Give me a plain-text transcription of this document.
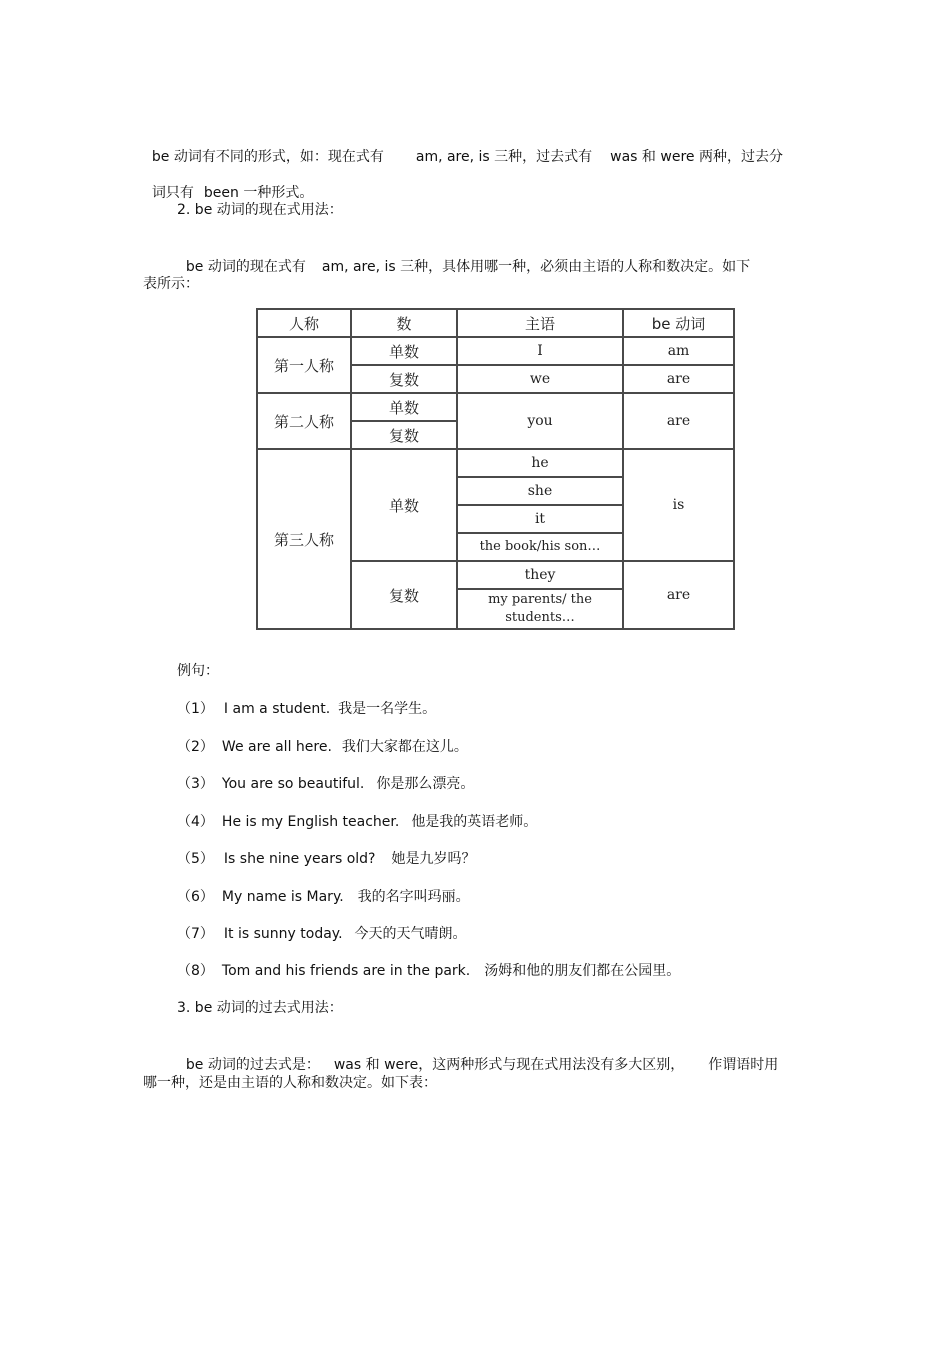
be 动词有不同的形式，如：现在式有 am, are, is 三种，过去式有 was 和 were 两种，过去分

词只有 been 一种形式。

2. be 动词的现在式用法：

be 动词的现在式有 am, are, is 三种，具体用哪一种，必须由主语的人称和数决定。如下

表所示：
人称	数	主语	be 动词
第一人称	单数	I	am
	复数	we	are
第二人称	单数	you	are
	复数		
第三人称	单数	he	is
		she	
		it	
		the book/his son…	
	复数	they	are
		my parents/ the students…	
例句：
（1） I am a student. 我是一名学生。
（2） We are all here. 我们大家都在这儿。
（3） You are so beautiful. 你是那么漂亮。
（4） He is my English teacher. 他是我的英语老师。
（5） Is she nine years old? 她是九岁吗？
（6） My name is Mary. 我的名字叫玛丽。
（7） It is sunny today. 今天的天气晴朗。
（8） Tom and his friends are in the park. 汤姆和他的朋友们都在公园里。
3. be 动词的过去式用法：

be 动词的过去式是： was 和 were，这两种形式与现在式用法没有多大区别， 作谓语时用

哪一种，还是由主语的人称和数决定。如下表：
